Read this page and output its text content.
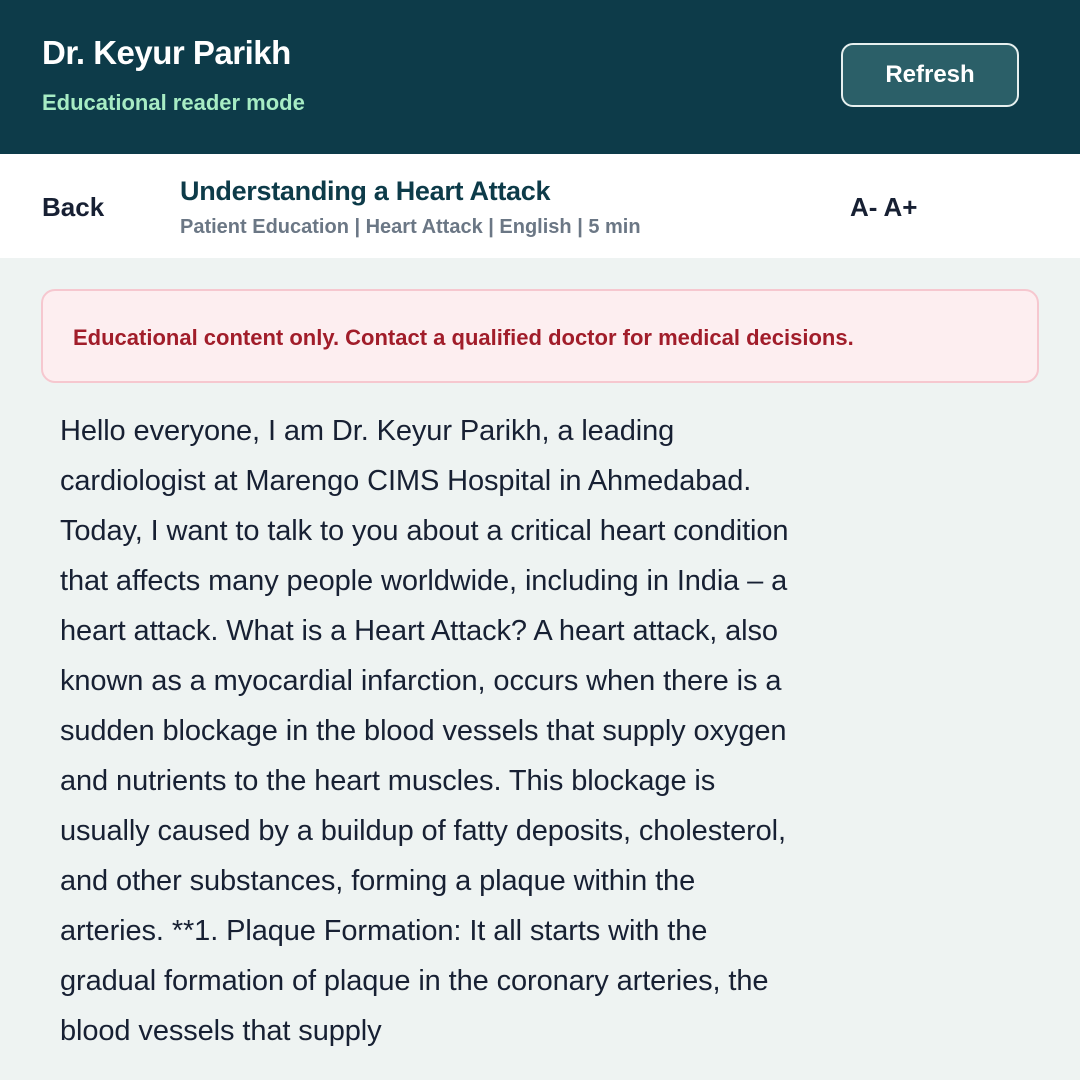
Dr. Keyur Parikh
Educational reader mode
Refresh
Back
Understanding a Heart Attack
Patient Education | Heart Attack | English | 5 min
A- A+
Educational content only. Contact a qualified doctor for medical decisions.
Hello everyone, I am Dr. Keyur Parikh, a leading cardiologist at Marengo CIMS Hospital in Ahmedabad. Today, I want to talk to you about a critical heart condition that affects many people worldwide, including in India – a heart attack. What is a Heart Attack? A heart attack, also known as a myocardial infarction, occurs when there is a sudden blockage in the blood vessels that supply oxygen and nutrients to the heart muscles. This blockage is usually caused by a buildup of fatty deposits, cholesterol, and other substances, forming a plaque within the arteries. **1. Plaque Formation: It all starts with the gradual formation of plaque in the coronary arteries, the blood vessels that supply
